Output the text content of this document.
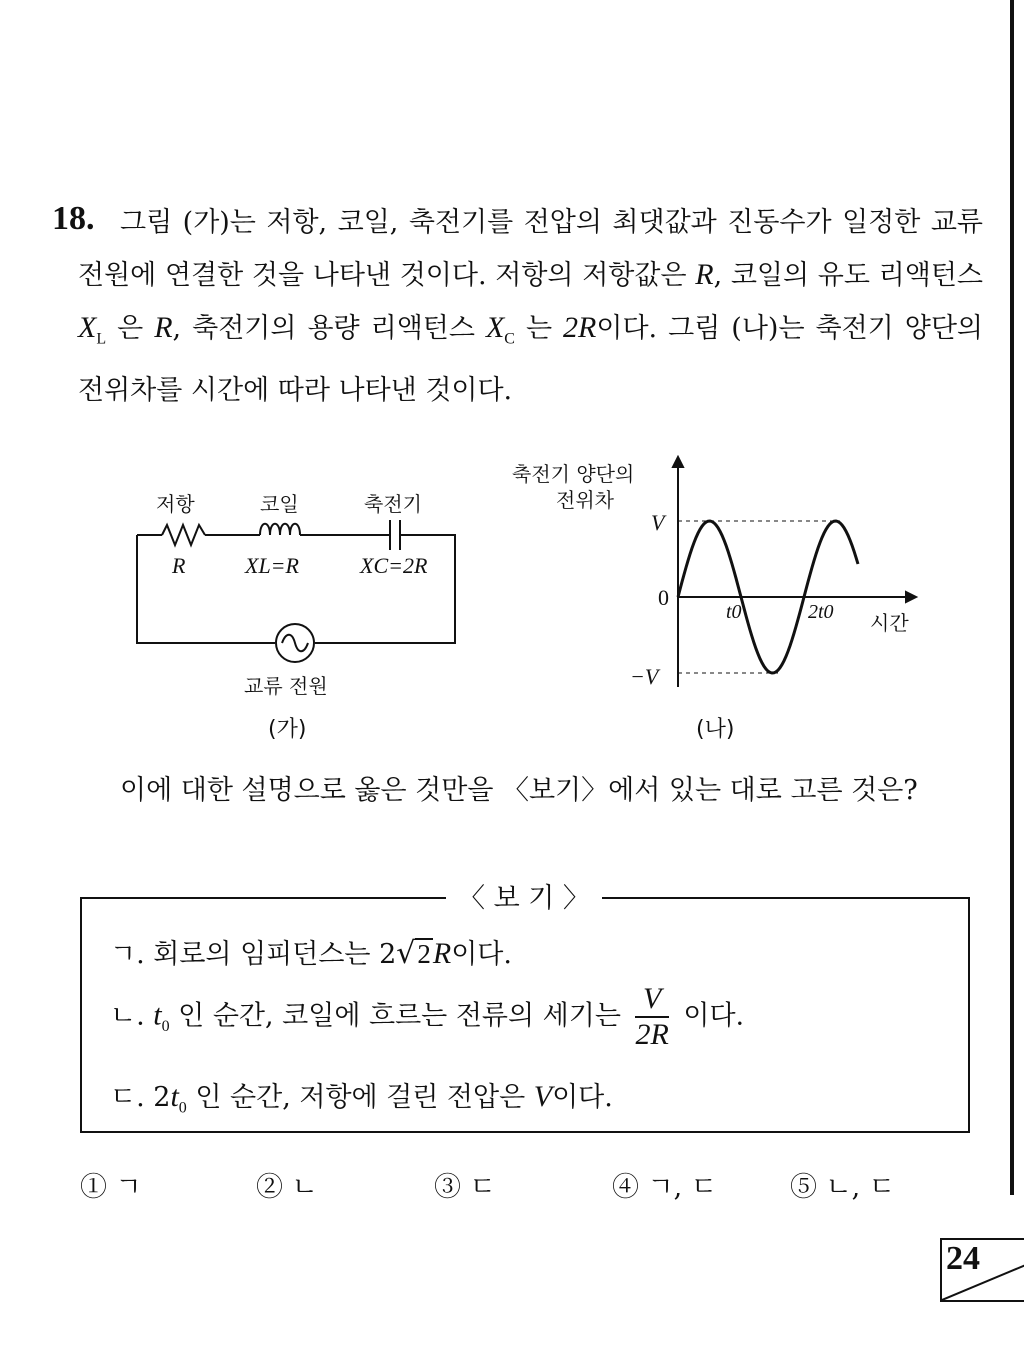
18. 그림 (가)는 저항, 코일, 축전기를 전압의 최댓값과 진동수가 일정한 교류 전원에 연결한 것을 나타낸 것이다. 저항의 저항값은 R, 코일의 유도 리액턴스 $X_L$ 은 R, 축전기의 용량 리액턴스 $X_C$ 는 2R이다. 그림 (나)는 축전기 양단의 전위차를 시간에 따라 나타낸 것이다.
저항	코일	축전기
R	XL=R	XC=2R
교류 전원
(가)
축전기 양단의
전위차
V
0
−V
t0	2t0 시간
(나)
이에 대한 설명으로 옳은 것만을 〈보기〉에서 있는 대로 고른 것은?
〈 보 기 〉
ㄱ. 회로의 임피던스는 2√2R이다.
ㄴ. $t_0$ 인 순간, 코일에 흐르는 전류의 세기는 $\frac{V}{2R}$ 이다.
ㄷ. $2t_0$ 인 순간, 저항에 걸린 전압은 V이다.
① ㄱ	② ㄴ	③ ㄷ	④ ㄱ, ㄷ	⑤ ㄴ, ㄷ
24
